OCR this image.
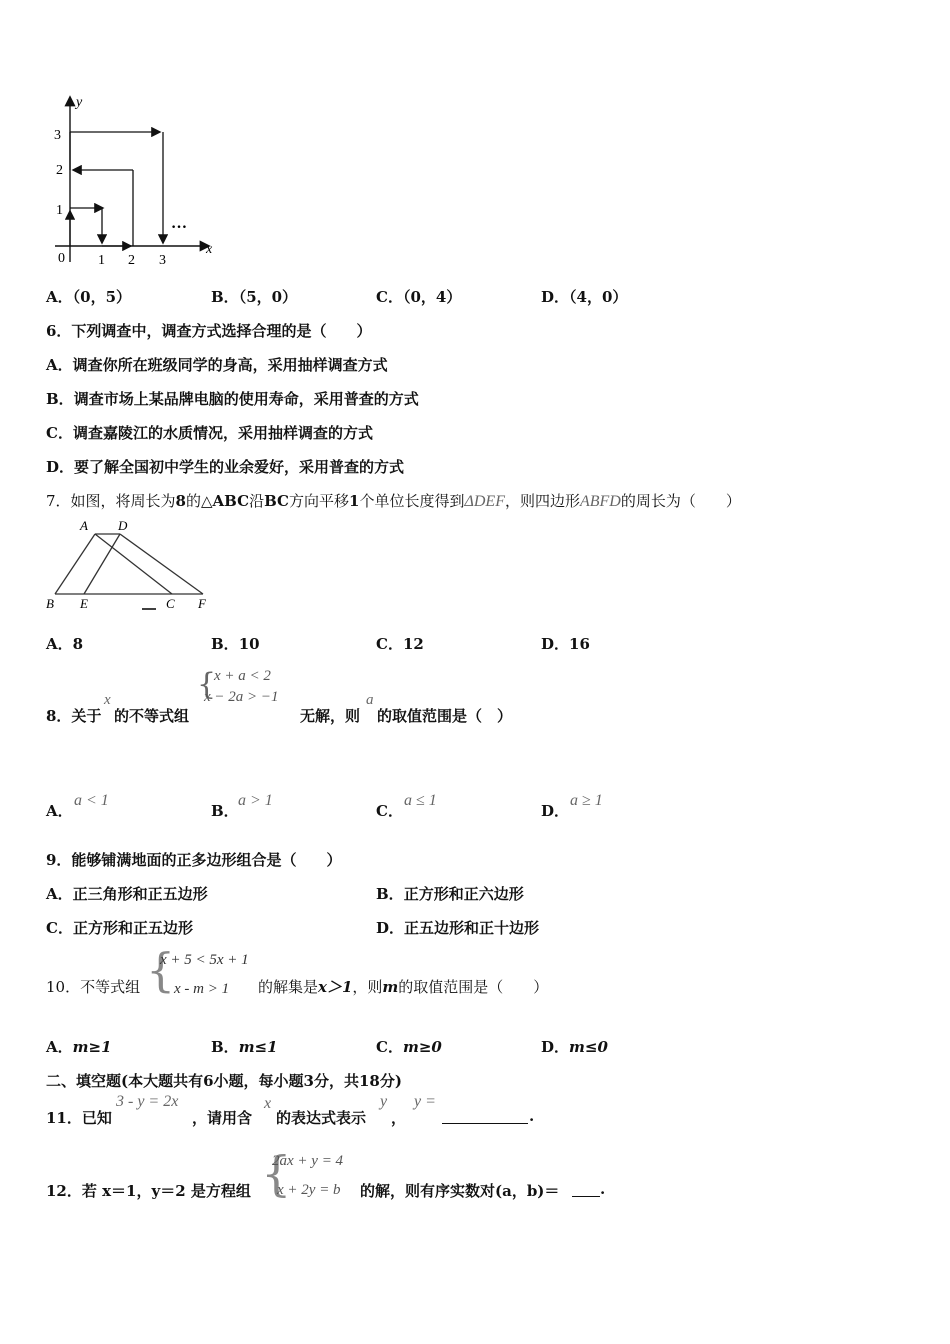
y
x
0 1 2 3
1
2
3
…
A．（0，5）	B．（5，0）	C．（0，4）	D．（4，0）
6．下列调查中，调查方式选择合理的是（　　）
A．调查你所在班级同学的身高，采用抽样调查方式
B．调查市场上某品牌电脑的使用寿命，采用普查的方式
C．调查嘉陵江的水质情况，采用抽样调查的方式
D．要了解全国初中学生的业余爱好，采用普查的方式
7．如图，将周长为8的△ABC沿BC方向平移1个单位长度得到ΔDEF，则四边形ABFD的周长为（　　）
A D
B E	C F
A．8	B．10	C．12	D．16
8．关于
x
的不等式组
{
x + a < 2
x − 2a > −1
无解，则
a
的取值范围是（　）
A．
a < 1
B．
a > 1
C．
a ≤ 1
D．
a ≥ 1
9．能够铺满地面的正多边形组合是（　　）
A．正三角形和正五边形	B．正方形和正六边形
C．正方形和正五边形	D．正五边形和正十边形
10．不等式组 {
x + 5 < 5x + 1
x - m > 1 的解集是x＞1，则m的取值范围是（　　）
A．m≥1	B．m≤1	C．m≥0	D．m≤0
二、填空题(本大题共有6小题，每小题3分，共18分)
11．已知
3 - y = 2x
，请用含
x
的表达式表示
y
，
y =
.
12．若 x＝1，y＝2 是方程组 {
2ax + y = 4
x + 2y = b 的解，则有序实数对(a，b)＝	.
